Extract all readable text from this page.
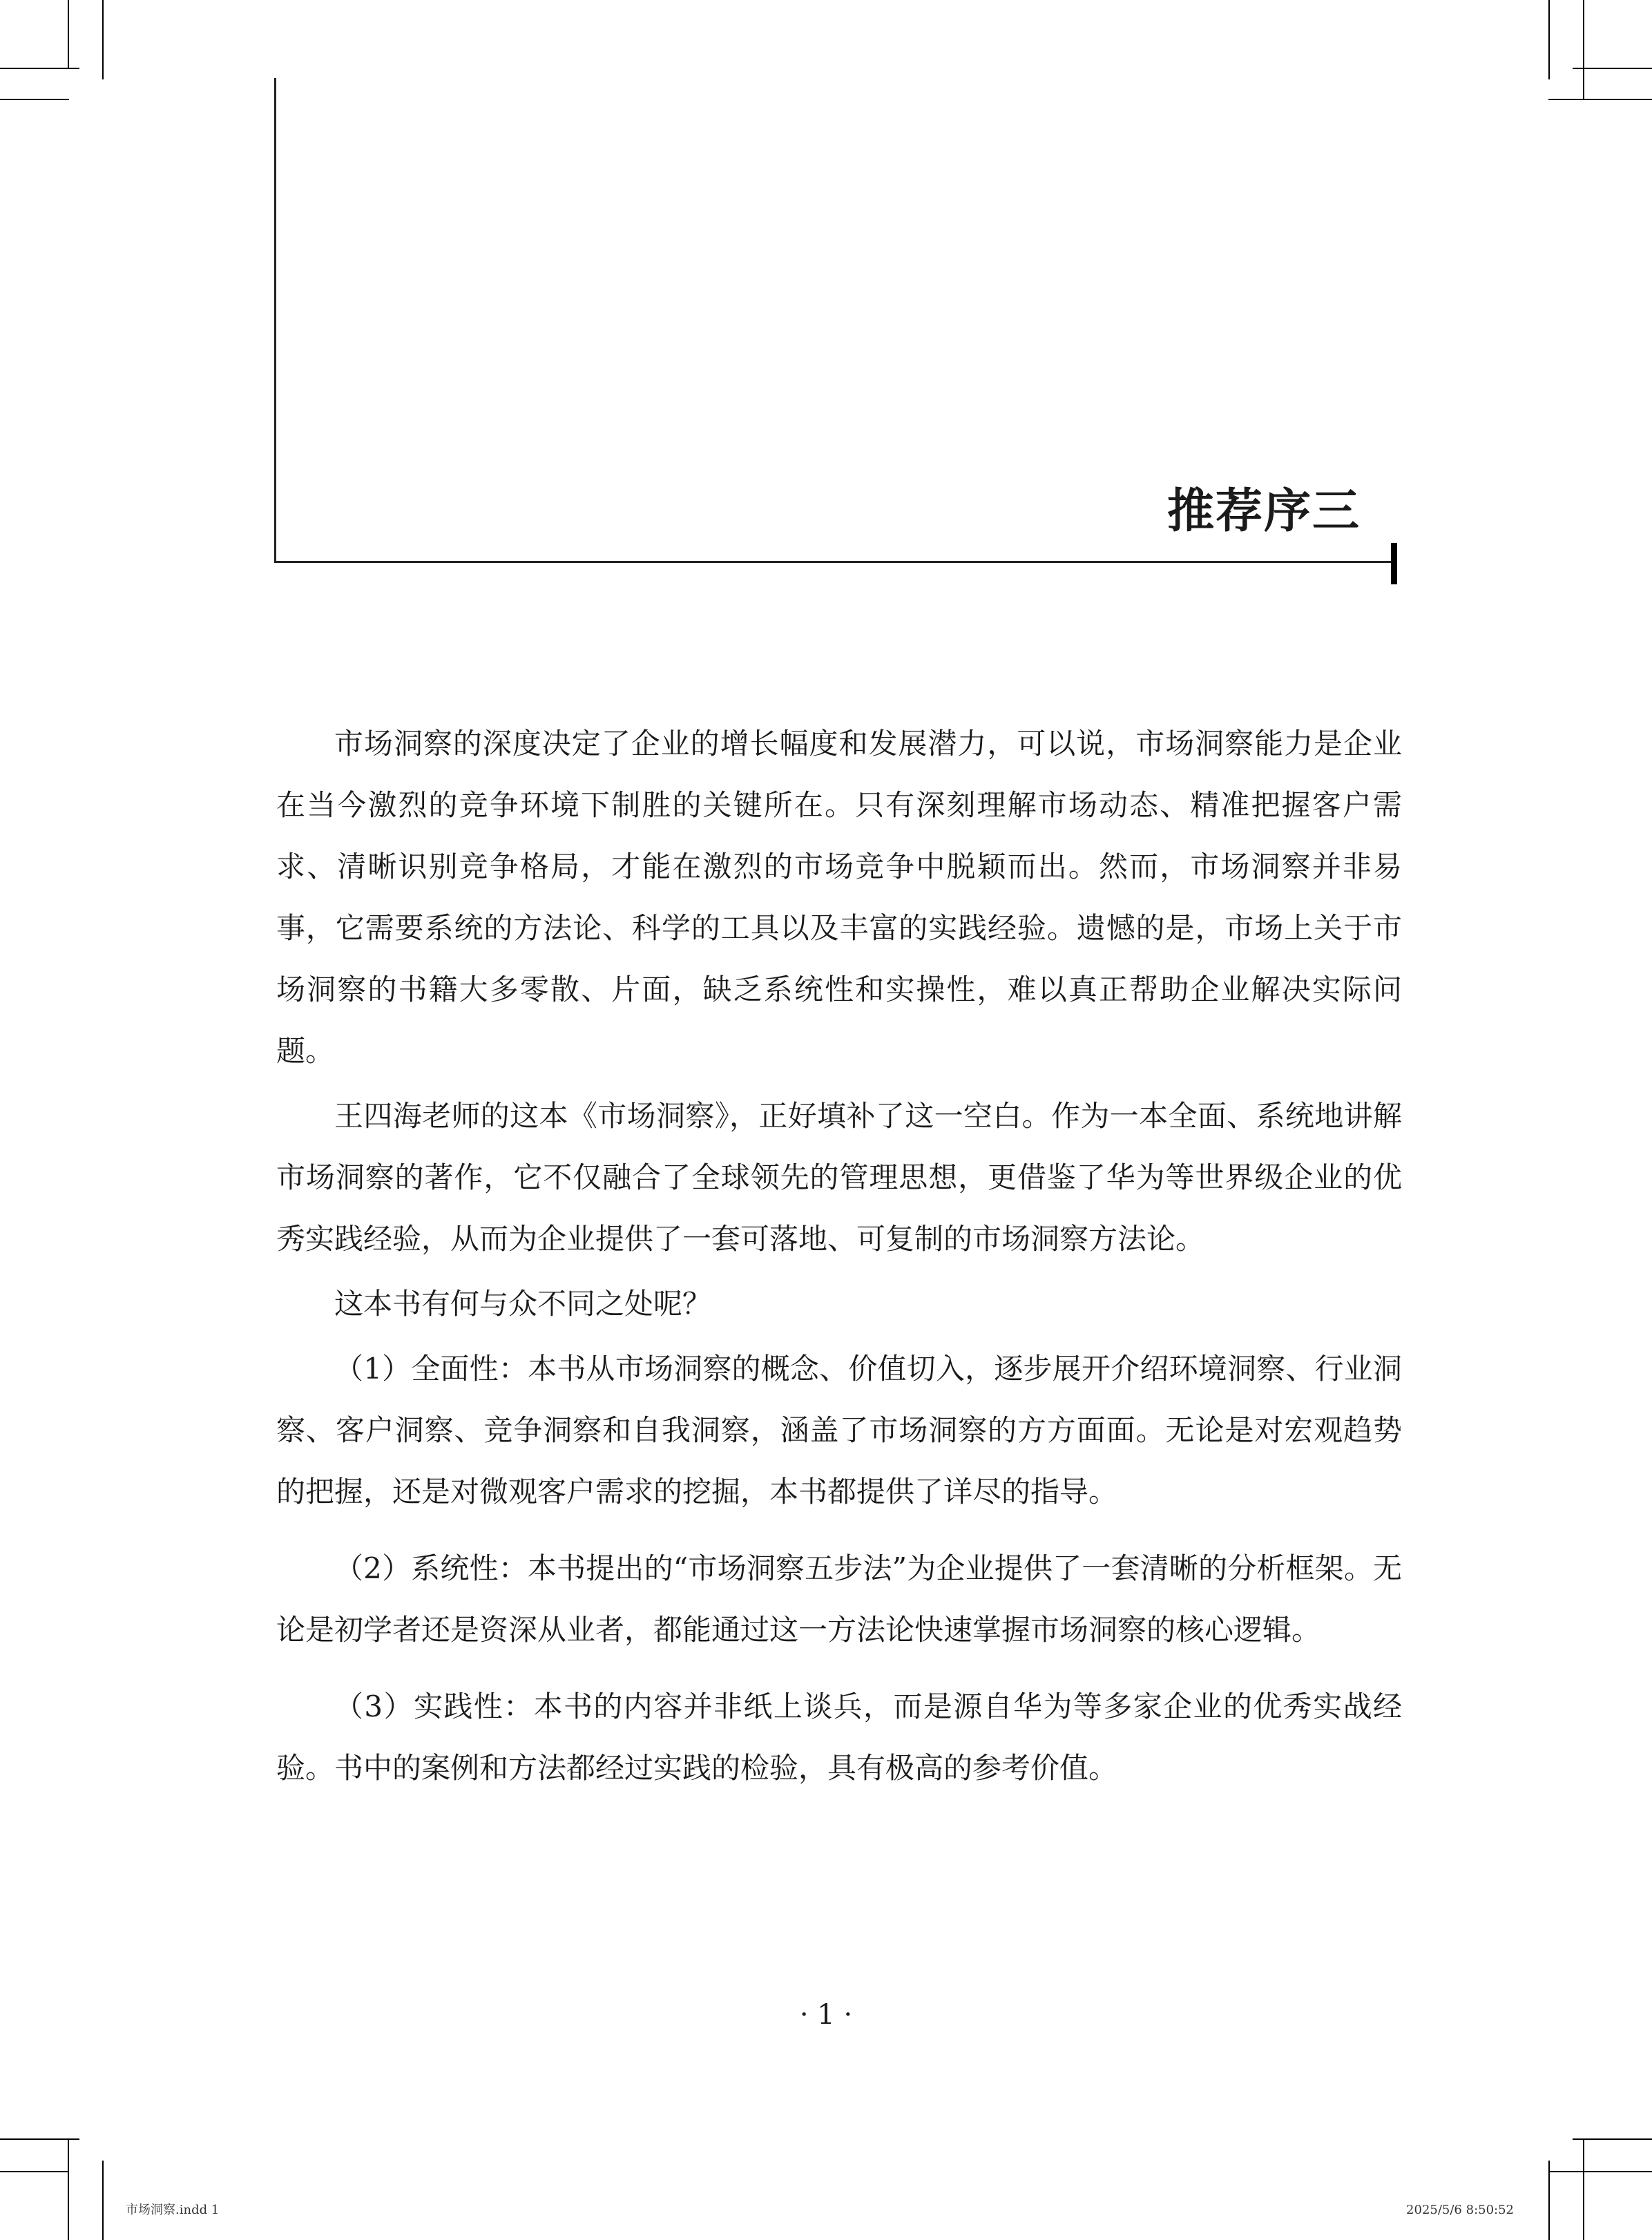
推荐序三

市场洞察的深度决定了企业的增长幅度和发展潜力，可以说，市场洞察能力是企业在当今激烈的竞争环境下制胜的关键所在。只有深刻理解市场动态、精准把握客户需求、清晰识别竞争格局，才能在激烈的市场竞争中脱颖而出。然而，市场洞察并非易事，它需要系统的方法论、科学的工具以及丰富的实践经验。遗憾的是，市场上关于市场洞察的书籍大多零散、片面，缺乏系统性和实操性，难以真正帮助企业解决实际问题。

王四海老师的这本《市场洞察》，正好填补了这一空白。作为一本全面、系统地讲解市场洞察的著作，它不仅融合了全球领先的管理思想，更借鉴了华为等世界级企业的优秀实践经验，从而为企业提供了一套可落地、可复制的市场洞察方法论。

这本书有何与众不同之处呢？

（1）全面性：本书从市场洞察的概念、价值切入，逐步展开介绍环境洞察、行业洞察、客户洞察、竞争洞察和自我洞察，涵盖了市场洞察的方方面面。无论是对宏观趋势的把握，还是对微观客户需求的挖掘，本书都提供了详尽的指导。

（2）系统性：本书提出的“市场洞察五步法”为企业提供了一套清晰的分析框架。无论是初学者还是资深从业者，都能通过这一方法论快速掌握市场洞察的核心逻辑。

（3）实践性：本书的内容并非纸上谈兵，而是源自华为等多家企业的优秀实战经验。书中的案例和方法都经过实践的检验，具有极高的参考价值。

· 1 ·
市场洞察.indd 1	2025/5/6 8:50:52
